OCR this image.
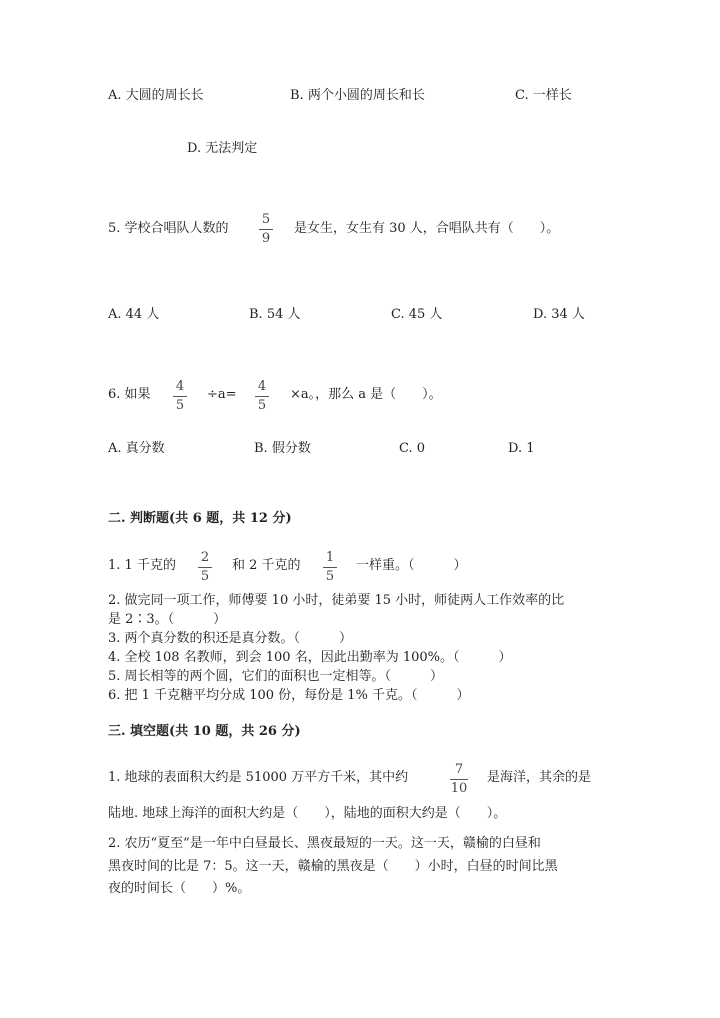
A. 大圆的周长长	B. 两个小圆的周长和长	C. 一样长
D. 无法判定
5. 学校合唱队人数的
5
9
是女生，女生有 30 人，合唱队共有（　　）。
A. 44 人	B. 54 人	C. 45 人	D. 34 人
6. 如果
4
5
÷a=
4
5
×a。，那么 a 是（　　）。
A. 真分数	B. 假分数	C. 0	D. 1
二. 判断题(共 6 题，共 12 分)
1. 1 千克的
2
5
和 2 千克的
1
5
一样重。（　　　）
2. 做完同一项工作，师傅要 10 小时，徒弟要 15 小时，师徒两人工作效率的比
是 2∶3。（　　　）
3. 两个真分数的积还是真分数。（　　　）
4. 全校 108 名教师，到会 100 名，因此出勤率为 100%。（　　　）
5. 周长相等的两个圆，它们的面积也一定相等。（　　　）
6. 把 1 千克糖平均分成 100 份，每份是 1% 千克。（　　　）
三. 填空题(共 10 题，共 26 分)
1. 地球的表面积大约是 51000 万平方千米，其中约
7
10
是海洋，其余的是
陆地. 地球上海洋的面积大约是（　　），陆地的面积大约是（　　）。
2. 农历“夏至”是一年中白昼最长、黑夜最短的一天。这一天，赣榆的白昼和
黑夜时间的比是 7：5。这一天，赣榆的黑夜是（　　）小时，白昼的时间比黑
夜的时间长（　　）%。
